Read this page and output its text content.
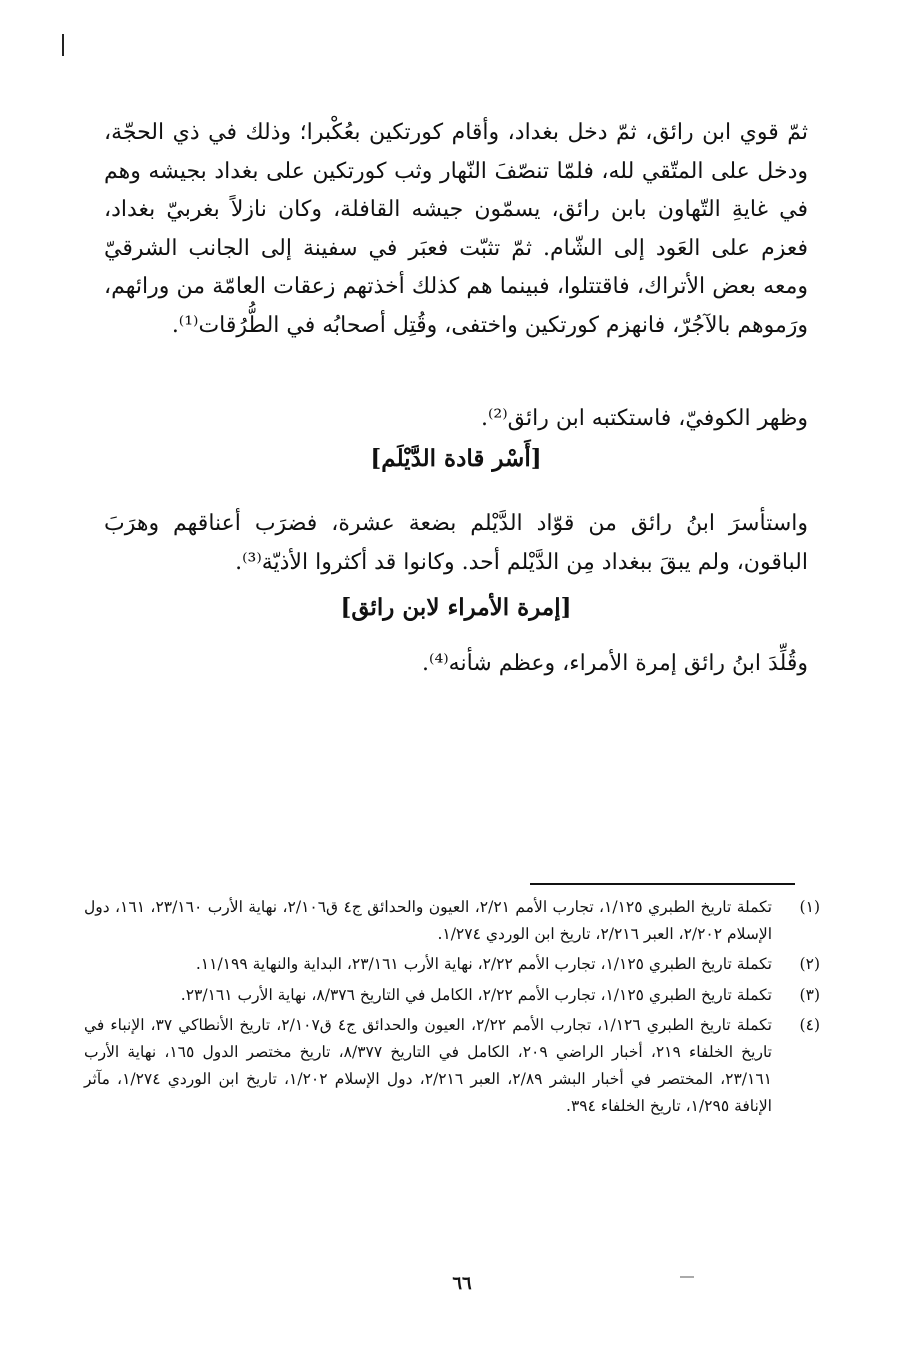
ثمّ قوي ابن رائق، ثمّ دخل بغداد، وأقام كورتكين بعُكْبرا؛ وذلك في ذي الحجّة، ودخل على المتّقي لله، فلمّا تنصّفَ النّهار وثب كورتكين على بغداد بجيشه وهم في غايةِ التّهاون بابن رائق، يسمّون جيشه القافلة، وكان نازلاً بغربيّ بغداد، فعزم على العَود إلى الشّام. ثمّ تثبّت فعبَر في سفينة إلى الجانب الشرقيّ ومعه بعض الأتراك، فاقتتلوا، فبينما هم كذلك أخذتهم زعقات العامّة من ورائهم، ورَموهم بالآجُرّ، فانهزم كورتكين واختفى، وقُتِل أصحابُه في الطُّرُقات⁽¹⁾.
وظهر الكوفيّ، فاستكتبه ابن رائق⁽²⁾.
[أَسْر قادة الدَّيْلَم]
واستأسرَ ابنُ رائق من قوّاد الدَّيْلم بضعة عشرة، فضرَب أعناقهم وهرَبَ الباقون، ولم يبقَ ببغداد مِن الدَّيْلم أحد. وكانوا قد أكثروا الأذيّة⁽³⁾.
[إمرة الأمراء لابن رائق]
وقُلِّدَ ابنُ رائق إمرة الأمراء، وعظم شأنه⁽⁴⁾.
(١)
تكملة تاريخ الطبري ١/١٢٥، تجارب الأمم ٢/٢١، العيون والحدائق ج٤ ق٢/١٠٦، نهاية الأرب ٢٣/١٦٠، ١٦١، دول الإسلام ٢/٢٠٢، العبر ٢/٢١٦، تاريخ ابن الوردي ١/٢٧٤.
(٢)
تكملة تاريخ الطبري ١/١٢٥، تجارب الأمم ٢/٢٢، نهاية الأرب ٢٣/١٦١، البداية والنهاية ١١/١٩٩.
(٣)
تكملة تاريخ الطبري ١/١٢٥، تجارب الأمم ٢/٢٢، الكامل في التاريخ ٨/٣٧٦، نهاية الأرب ٢٣/١٦١.
(٤)
تكملة تاريخ الطبري ١/١٢٦، تجارب الأمم ٢/٢٢، العيون والحدائق ج٤ ق٢/١٠٧، تاريخ الأنطاكي ٣٧، الإنباء في تاريخ الخلفاء ٢١٩، أخبار الراضي ٢٠٩، الكامل في التاريخ ٨/٣٧٧، تاريخ مختصر الدول ١٦٥، نهاية الأرب ٢٣/١٦١، المختصر في أخبار البشر ٢/٨٩، العبر ٢/٢١٦، دول الإسلام ١/٢٠٢، تاريخ ابن الوردي ١/٢٧٤، مآثر الإنافة ١/٢٩٥، تاريخ الخلفاء ٣٩٤.
٦٦
